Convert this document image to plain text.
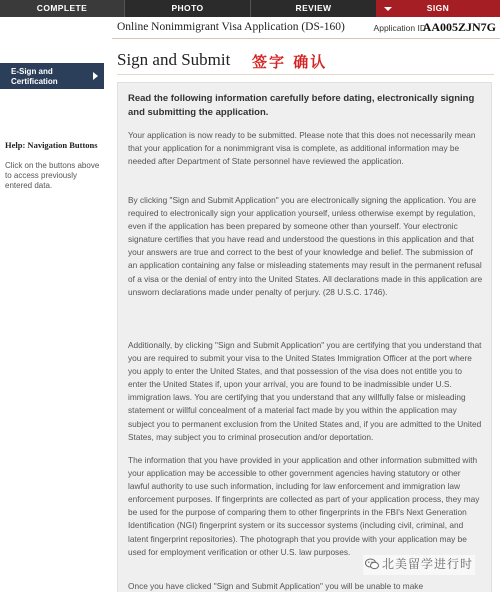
COMPLETE	PHOTO	REVIEW	SIGN
Online Nonimmigrant Visa Application (DS-160)	Application ID
AA005ZJN7G
E-Sign and Certification
Help: Navigation Buttons
Click on the buttons above to access previously entered data.
Sign and Submit 签字 确认
Read the following information carefully before dating, electronically signing and submitting the application.
Your application is now ready to be submitted. Please note that this does not necessarily mean that your application for a nonimmigrant visa is complete, as additional information may be needed after Department of State personnel have reviewed the application.
By clicking "Sign and Submit Application" you are electronically signing the application. You are required to electronically sign your application yourself, unless otherwise exempt by regulation, even if the application has been prepared by someone other than yourself. Your electronic signature certifies that you have read and understood the questions in this application and that your answers are true and correct to the best of your knowledge and belief. The submission of an application containing any false or misleading statements may result in the permanent refusal of a visa or the denial of entry into the United States. All declarations made in this application are unsworn declarations made under penalty of perjury. (28 U.S.C. 1746).
Additionally, by clicking "Sign and Submit Application" you are certifying that you understand that you are required to submit your visa to the United States Immigration Officer at the port where you apply to enter the United States, and that possession of the visa does not entitle you to enter the United States if, upon your arrival, you are found to be inadmissible under U.S. immigration laws. You are certifying that you understand that any willfully false or misleading statement or willful concealment of a material fact made by you within the application may subject you to permanent exclusion from the United States and, if you are admitted to the United States, may subject you to criminal prosecution and/or deportation.
The information that you have provided in your application and other information submitted with your application may be accessible to other government agencies having statutory or other lawful authority to use such information, including for law enforcement and immigration law enforcement purposes. If fingerprints are collected as part of your application process, they may be used for the purpose of comparing them to other fingerprints in the FBI's Next Generation Identification (NGI) fingerprint system or its successor systems (including civil, criminal, and latent fingerprint repositories). The photograph that you provide with your application may be used for employment verification or other U.S. law purposes.
Once you have clicked "Sign and Submit Application" you will be unable to make
北美留学进行时
